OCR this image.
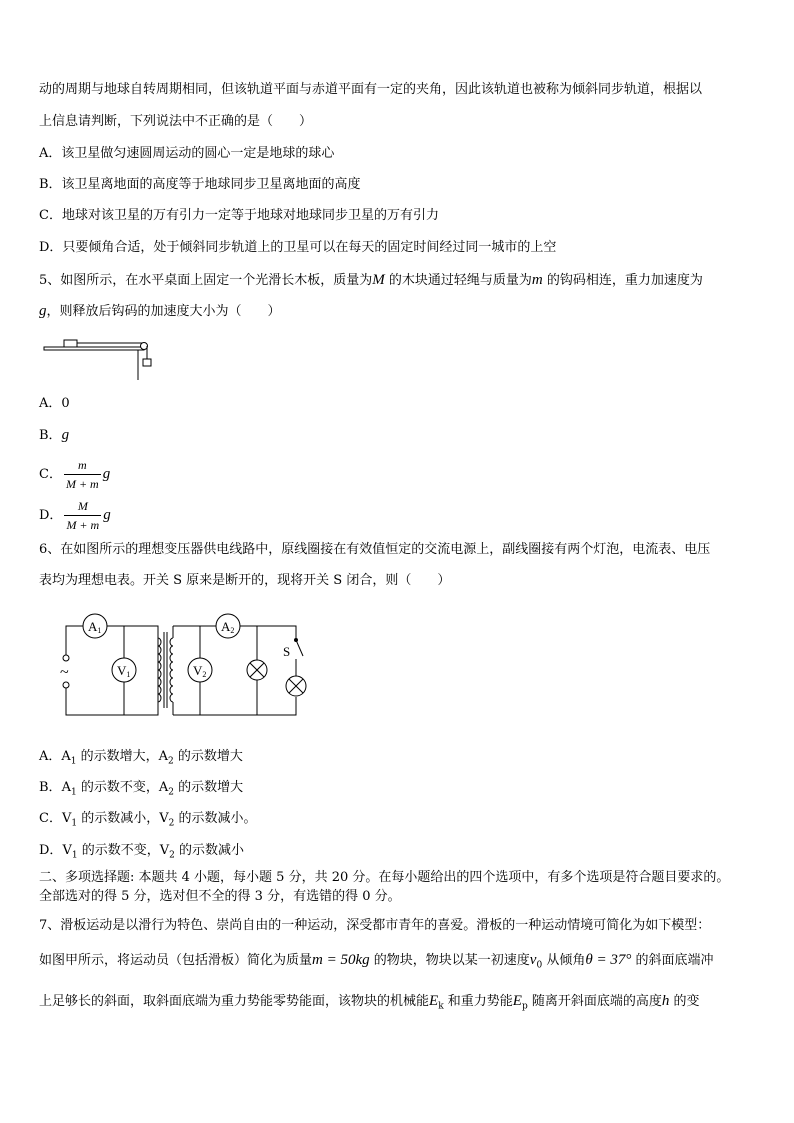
动的周期与地球自转周期相同，但该轨道平面与赤道平面有一定的夹角，因此该轨道也被称为倾斜同步轨道，根据以
上信息请判断，下列说法中不正确的是（　　）
A．该卫星做匀速圆周运动的圆心一定是地球的球心
B．该卫星离地面的高度等于地球同步卫星离地面的高度
C．地球对该卫星的万有引力一定等于地球对地球同步卫星的万有引力
D．只要倾角合适，处于倾斜同步轨道上的卫星可以在每天的固定时间经过同一城市的上空
5、如图所示，在水平桌面上固定一个光滑长木板，质量为M 的木块通过轻绳与质量为m 的钩码相连，重力加速度为
g，则释放后钩码的加速度大小为（　　）
A．0
B．g
C． $\frac{m}{M + m}$ g
D． $\frac{M}{M + m}$ g
6、在如图所示的理想变压器供电线路中，原线圈接在有效值恒定的交流电源上，副线圈接有两个灯泡，电流表、电压
表均为理想电表。开关 S 原来是断开的，现将开关 S 闭合，则（　　）
~
A1
V1
A2
V2
S
A．$A_1$ 的示数增大，$A_2$ 的示数增大
B．$A_1$ 的示数不变，$A_2$ 的示数增大
C．$V_1$ 的示数减小，$V_2$ 的示数减小。
D．$V_1$ 的示数不变，$V_2$ 的示数减小
二、多项选择题: 本题共 4 小题，每小题 5 分，共 20 分。在每小题给出的四个选项中，有多个选项是符合题目要求的。
全部选对的得 5 分，选对但不全的得 3 分，有选错的得 0 分。
7、滑板运动是以滑行为特色、崇尚自由的一种运动，深受都市青年的喜爱。滑板的一种运动情境可简化为如下模型：
如图甲所示，将运动员（包括滑板）简化为质量m = 50kg 的物块，物块以某一初速度$v_0$ 从倾角θ = 37° 的斜面底端冲
上足够长的斜面，取斜面底端为重力势能零势能面，该物块的机械能$E_k$ 和重力势能$E_p$ 随离开斜面底端的高度h 的变
